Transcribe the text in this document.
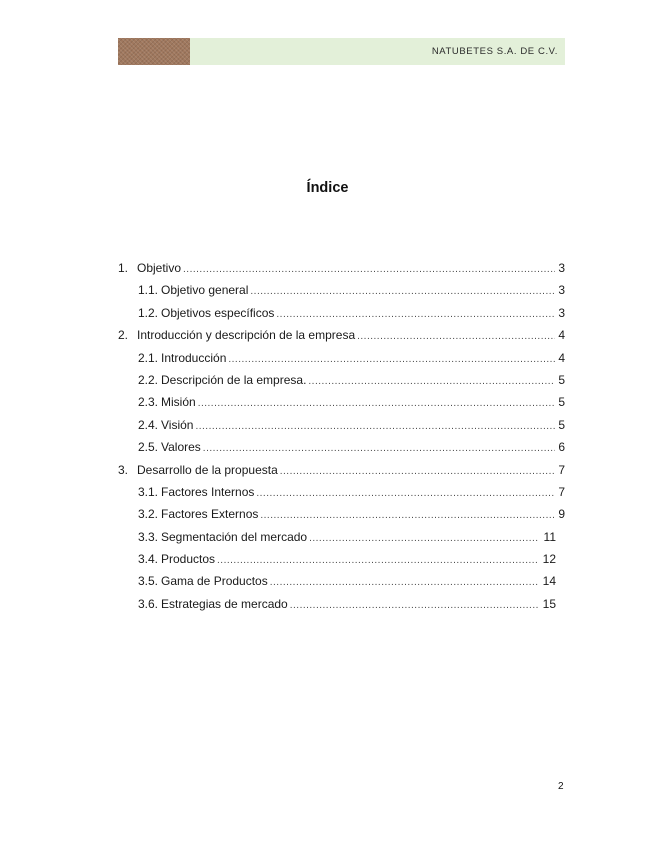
NATUBETES S.A. DE C.V.
Índice
1. Objetivo .....	3
1.1. Objetivo general .....	3
1.2. Objetivos específicos .....	3
2. Introducción y descripción de la empresa .....	4
2.1. Introducción .....	4
2.2. Descripción de la empresa. .....	5
2.3. Misión .....	5
2.4. Visión .....	5
2.5. Valores .....	6
3. Desarrollo de la propuesta .....	7
3.1. Factores Internos .....	7
3.2. Factores Externos .....	9
3.3. Segmentación del mercado .....	11
3.4. Productos .....	12
3.5. Gama de Productos .....	14
3.6. Estrategias de mercado .....	15
2
